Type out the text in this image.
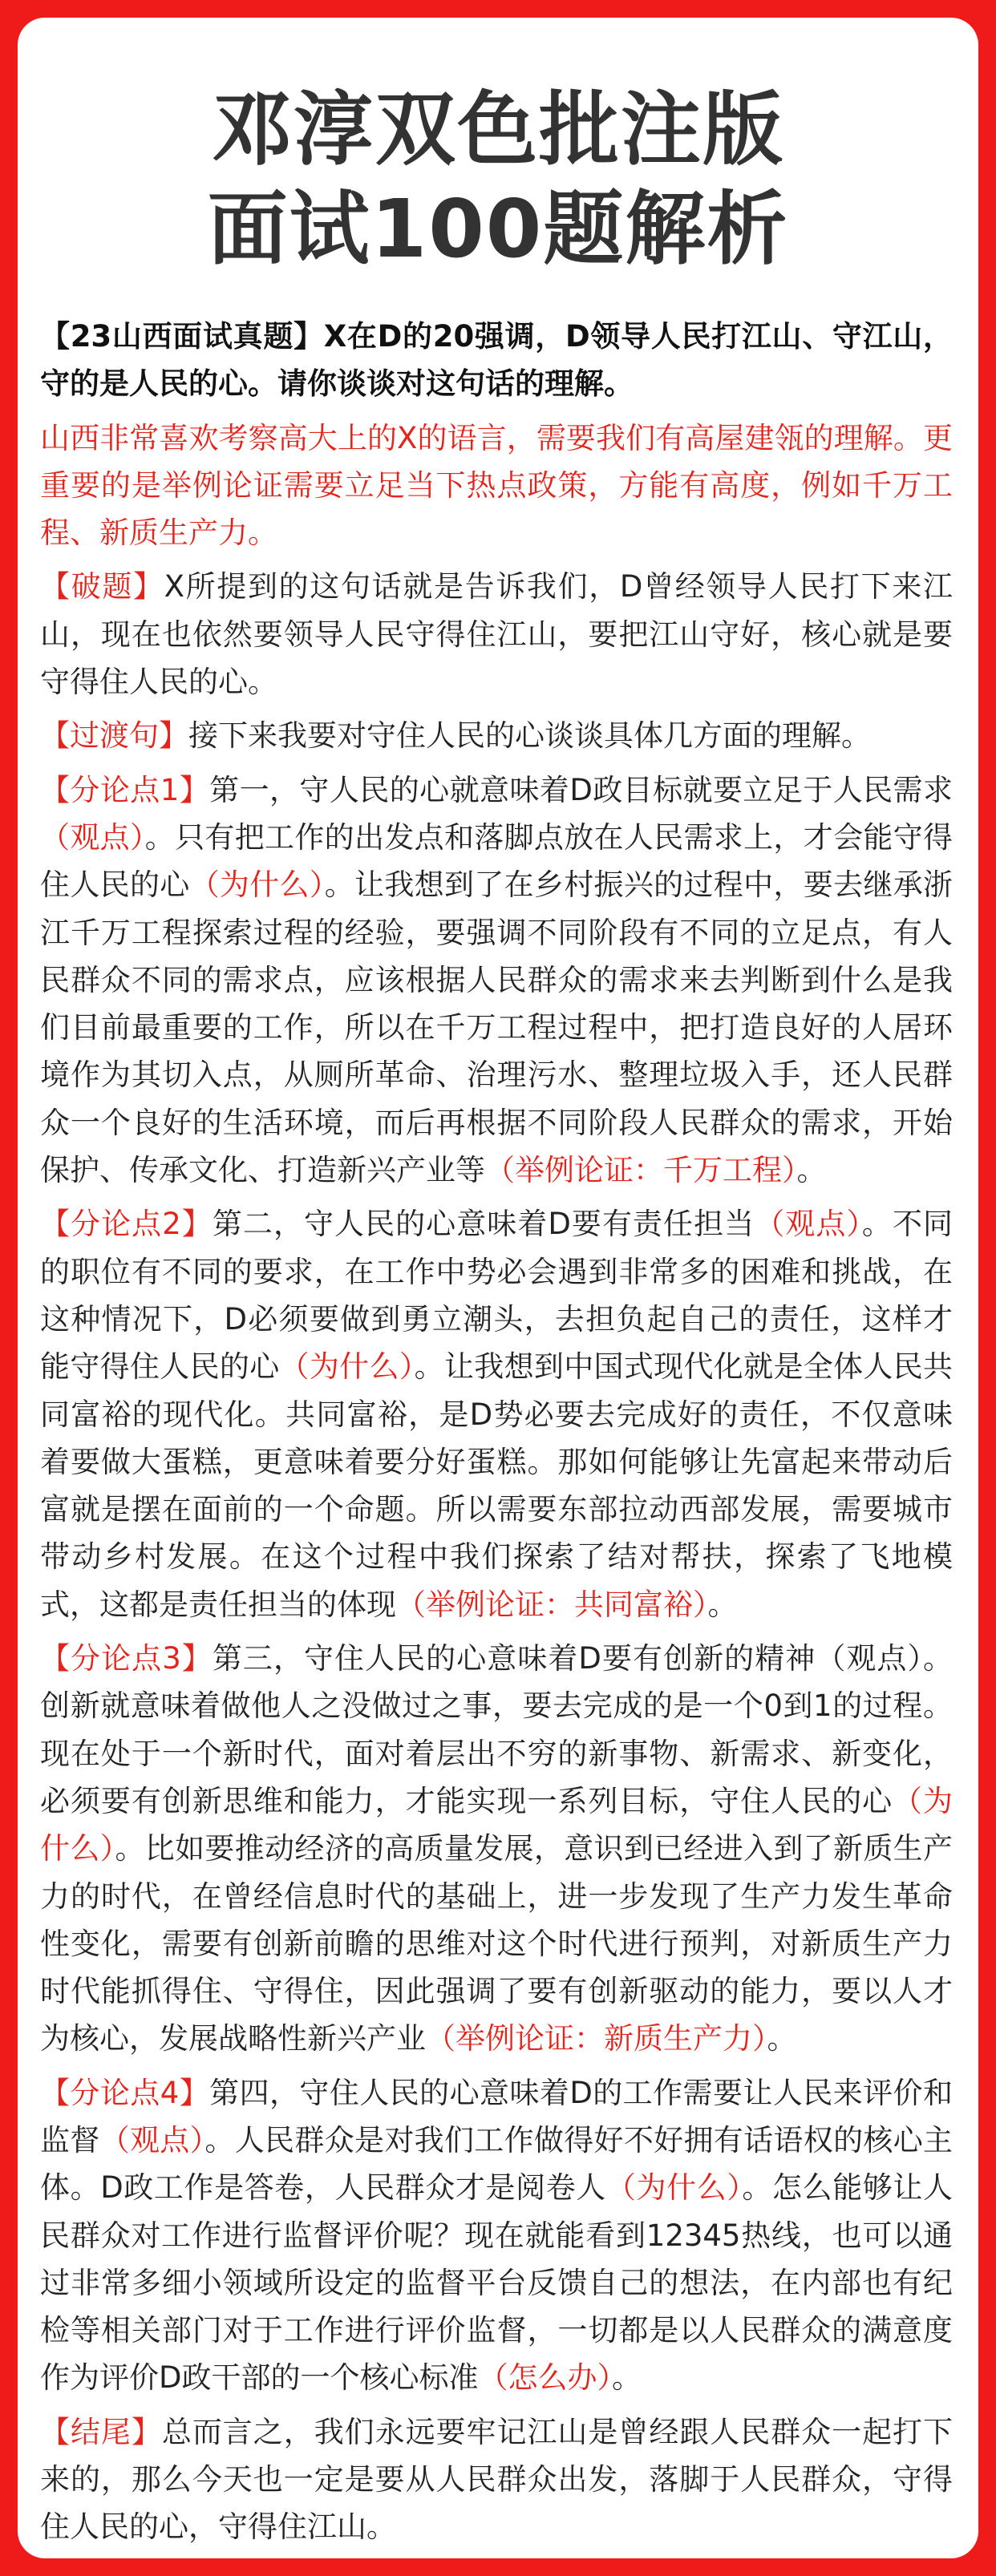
邓淳双色批注版
面试100题解析

【23山西面试真题】X在D的20强调，D领导人民打江山、守江山，守的是人民的心。请你谈谈对这句话的理解。

山西非常喜欢考察高大上的X的语言，需要我们有高屋建瓴的理解。更重要的是举例论证需要立足当下热点政策，方能有高度，例如千万工程、新质生产力。

【破题】X所提到的这句话就是告诉我们，D曾经领导人民打下来江山，现在也依然要领导人民守得住江山，要把江山守好，核心就是要守得住人民的心。

【过渡句】接下来我要对守住人民的心谈谈具体几方面的理解。

【分论点1】第一，守人民的心就意味着D政目标就要立足于人民需求（观点）。只有把工作的出发点和落脚点放在人民需求上，才会能守得住人民的心（为什么）。让我想到了在乡村振兴的过程中，要去继承浙江千万工程探索过程的经验，要强调不同阶段有不同的立足点，有人民群众不同的需求点，应该根据人民群众的需求来去判断到什么是我们目前最重要的工作，所以在千万工程过程中，把打造良好的人居环境作为其切入点，从厕所革命、治理污水、整理垃圾入手，还人民群众一个良好的生活环境，而后再根据不同阶段人民群众的需求，开始保护、传承文化、打造新兴产业等（举例论证：千万工程）。

【分论点2】第二，守人民的心意味着D要有责任担当（观点）。不同的职位有不同的要求，在工作中势必会遇到非常多的困难和挑战，在这种情况下，D必须要做到勇立潮头，去担负起自己的责任，这样才能守得住人民的心（为什么）。让我想到中国式现代化就是全体人民共同富裕的现代化。共同富裕，是D势必要去完成好的责任，不仅意味着要做大蛋糕，更意味着要分好蛋糕。那如何能够让先富起来带动后富就是摆在面前的一个命题。所以需要东部拉动西部发展，需要城市带动乡村发展。在这个过程中我们探索了结对帮扶，探索了飞地模式，这都是责任担当的体现（举例论证：共同富裕）。

【分论点3】第三，守住人民的心意味着D要有创新的精神（观点）。创新就意味着做他人之没做过之事，要去完成的是一个0到1的过程。现在处于一个新时代，面对着层出不穷的新事物、新需求、新变化，必须要有创新思维和能力，才能实现一系列目标，守住人民的心（为什么）。比如要推动经济的高质量发展，意识到已经进入到了新质生产力的时代，在曾经信息时代的基础上，进一步发现了生产力发生革命性变化，需要有创新前瞻的思维对这个时代进行预判，对新质生产力时代能抓得住、守得住，因此强调了要有创新驱动的能力，要以人才为核心，发展战略性新兴产业（举例论证：新质生产力）。

【分论点4】第四，守住人民的心意味着D的工作需要让人民来评价和监督（观点）。人民群众是对我们工作做得好不好拥有话语权的核心主体。D政工作是答卷，人民群众才是阅卷人（为什么）。怎么能够让人民群众对工作进行监督评价呢？现在就能看到12345热线，也可以通过非常多细小领域所设定的监督平台反馈自己的想法，在内部也有纪检等相关部门对于工作进行评价监督，一切都是以人民群众的满意度作为评价D政干部的一个核心标准（怎么办）。

【结尾】总而言之，我们永远要牢记江山是曾经跟人民群众一起打下来的，那么今天也一定是要从人民群众出发，落脚于人民群众，守得住人民的心，守得住江山。
